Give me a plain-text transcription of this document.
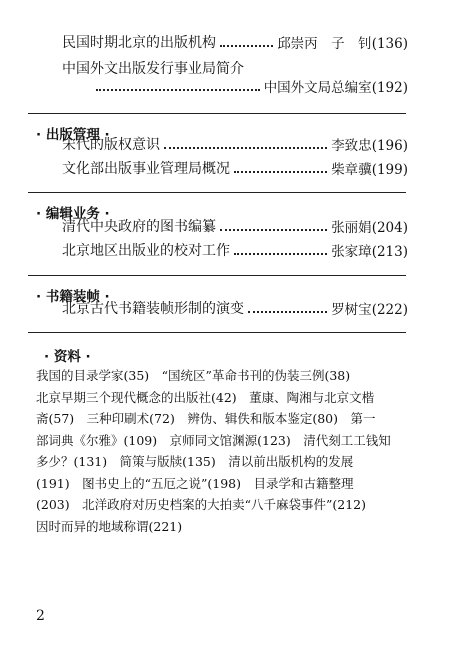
民国时期北京的出版机构	邱崇丙　子　钊 (136)
中国外文出版发行事业局简介
中国外文局总编室 (192)
· 出版管理 ·
宋代的版权意识	李致忠 (196)
文化部出版事业管理局概况	柴章骥 (199)
· 编辑业务 ·
清代中央政府的图书编纂	张丽娟 (204)
北京地区出版业的校对工作	张家璋 (213)
· 书籍装帧 ·
北京古代书籍装帧形制的演变	罗树宝 (222)
· 资料 ·
我国的目录学家(35)　“国统区”革命书刊的伪装三例(38)
北京早期三个现代概念的出版社(42)　董康、陶湘与北京文楷
斋(57)　三种印刷术(72)　辨伪、辑佚和版本鉴定(80)　第一
部词典《尔雅》(109)　京师同文馆渊源(123)　清代刻工工钱知
多少？(131)　简策与版牍(135)　清以前出版机构的发展
(191)　图书史上的“五厄之说”(198)　目录学和古籍整理
(203)　北洋政府对历史档案的大拍卖“八千麻袋事件”(212)
因时而异的地域称谓(221)
2
